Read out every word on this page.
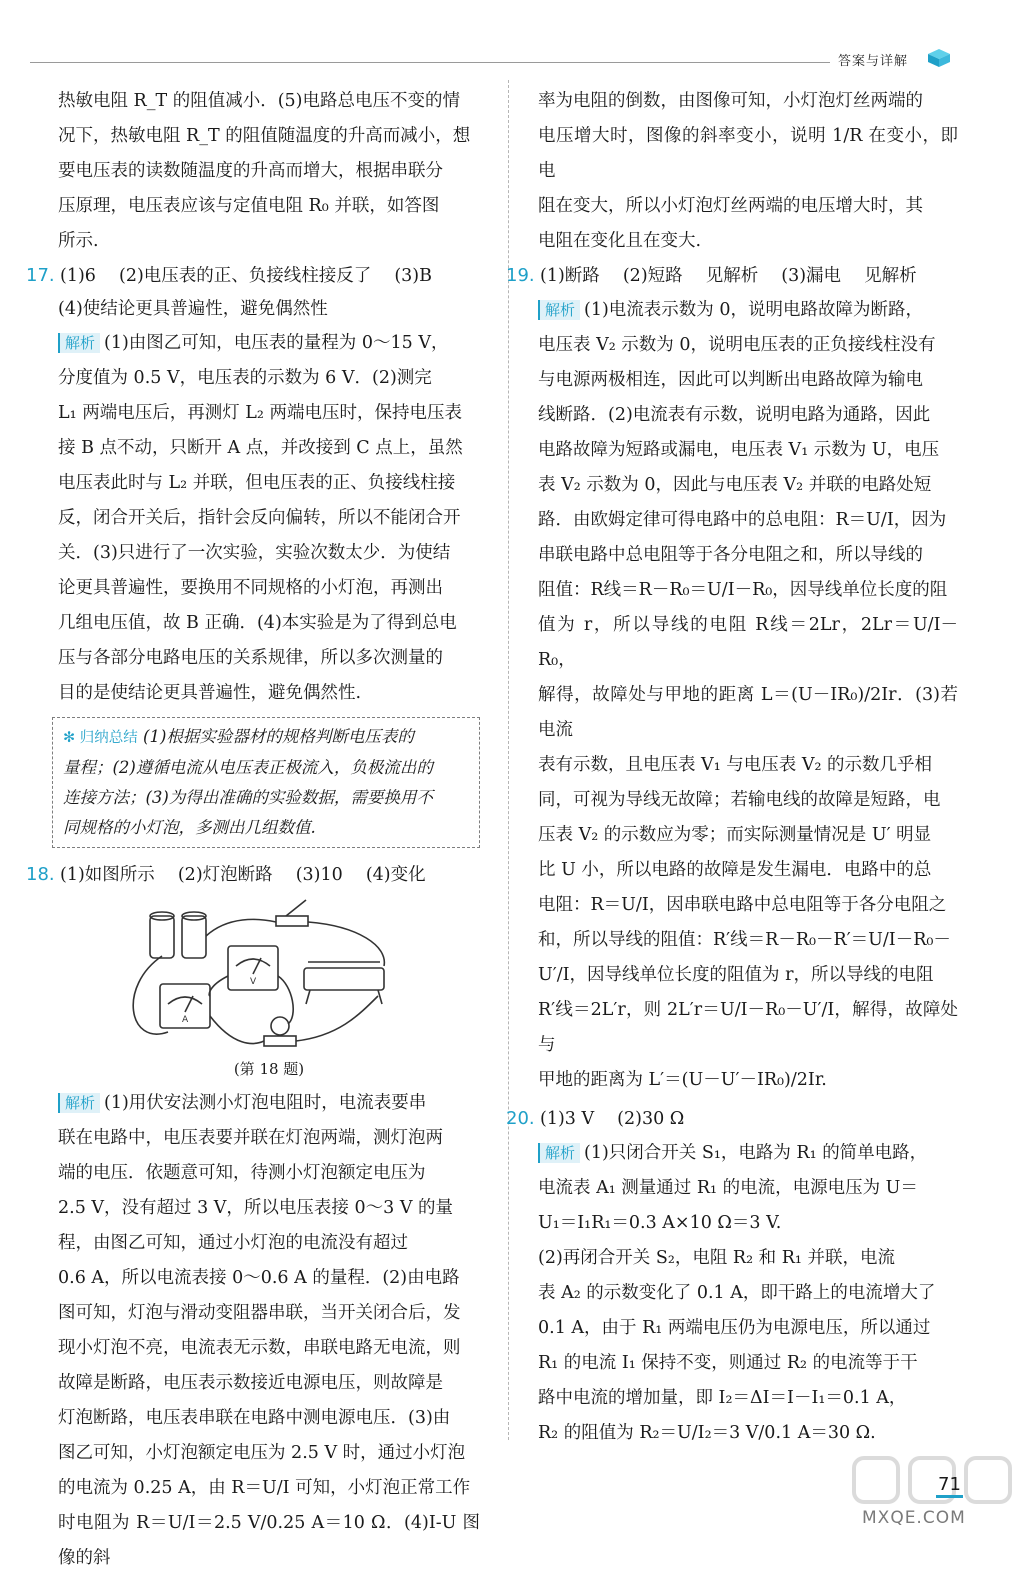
答案与详解

热敏电阻 R_T 的阻值减小．(5)电路总电压不变的情

况下，热敏电阻 R_T 的阻值随温度的升高而减小，想

要电压表的读数随温度的升高而增大，根据串联分

压原理，电压表应该与定值电阻 R₀ 并联，如答图

所示.

17. (1)6 　(2)电压表的正、负接线柱接反了 　(3)B

(4)使结论更具普遍性，避免偶然性

解析 (1)由图乙可知，电压表的量程为 0～15 V，

分度值为 0.5 V，电压表的示数为 6 V．(2)测完

L₁ 两端电压后，再测灯 L₂ 两端电压时，保持电压表

接 B 点不动，只断开 A 点，并改接到 C 点上，虽然

电压表此时与 L₂ 并联，但电压表的正、负接线柱接

反，闭合开关后，指针会反向偏转，所以不能闭合开

关．(3)只进行了一次实验，实验次数太少．为使结

论更具普遍性，要换用不同规格的小灯泡，再测出

几组电压值，故 B 正确．(4)本实验是为了得到总电

压与各部分电路电压的关系规律，所以多次测量的

目的是使结论更具普遍性，避免偶然性.

✻ 归纳总结 (1)根据实验器材的规格判断电压表的

量程；(2)遵循电流从电压表正极流入，负极流出的

连接方法；(3)为得出准确的实验数据，需要换用不

同规格的小灯泡，多测出几组数值.

18. (1)如图所示 　(2)灯泡断路 　(3)10 　(4)变化

V
A
(第 18 题)

解析 (1)用伏安法测小灯泡电阻时，电流表要串

联在电路中，电压表要并联在灯泡两端，测灯泡两

端的电压．依题意可知，待测小灯泡额定电压为

2.5 V，没有超过 3 V，所以电压表接 0～3 V 的量

程，由图乙可知，通过小灯泡的电流没有超过

0.6 A，所以电流表接 0～0.6 A 的量程．(2)由电路

图可知，灯泡与滑动变阻器串联，当开关闭合后，发

现小灯泡不亮，电流表无示数，串联电路无电流，则

故障是断路，电压表示数接近电源电压，则故障是

灯泡断路，电压表串联在电路中测电源电压．(3)由

图乙可知，小灯泡额定电压为 2.5 V 时，通过小灯泡

的电流为 0.25 A，由 R＝U/I 可知，小灯泡正常工作

时电阻为 R＝U/I＝2.5 V/0.25 A＝10 Ω．(4)I-U 图像的斜

率为电阻的倒数，由图像可知，小灯泡灯丝两端的

电压增大时，图像的斜率变小，说明 1/R 在变小，即电

阻在变大，所以小灯泡灯丝两端的电压增大时，其

电阻在变化且在变大.

19. (1)断路 　(2)短路 　见解析 　(3)漏电 　见解析

解析 (1)电流表示数为 0，说明电路故障为断路，

电压表 V₂ 示数为 0，说明电压表的正负接线柱没有

与电源两极相连，因此可以判断出电路故障为输电

线断路．(2)电流表有示数，说明电路为通路，因此

电路故障为短路或漏电，电压表 V₁ 示数为 U，电压

表 V₂ 示数为 0，因此与电压表 V₂ 并联的电路处短

路．由欧姆定律可得电路中的总电阻：R＝U/I，因为

串联电路中总电阻等于各分电阻之和，所以导线的

阻值：R线＝R－R₀＝U/I－R₀，因导线单位长度的阻

值为 r，所以导线的电阻 R线＝2Lr，2Lr＝U/I－R₀，

解得，故障处与甲地的距离 L＝(U－IR₀)/2Ir．(3)若电流

表有示数，且电压表 V₁ 与电压表 V₂ 的示数几乎相

同，可视为导线无故障；若输电线的故障是短路，电

压表 V₂ 的示数应为零；而实际测量情况是 U′ 明显

比 U 小，所以电路的故障是发生漏电．电路中的总

电阻：R＝U/I，因串联电路中总电阻等于各分电阻之

和，所以导线的阻值：R′线＝R－R₀－R′＝U/I－R₀－

U′/I，因导线单位长度的阻值为 r，所以导线的电阻

R′线＝2L′r，则 2L′r＝U/I－R₀－U′/I，解得，故障处与

甲地的距离为 L′＝(U－U′－IR₀)/2Ir.

20. (1)3 V 　(2)30 Ω

解析 (1)只闭合开关 S₁，电路为 R₁ 的简单电路，

电流表 A₁ 测量通过 R₁ 的电流，电源电压为 U＝

U₁＝I₁R₁＝0.3 A×10 Ω＝3 V.

(2)再闭合开关 S₂，电阻 R₂ 和 R₁ 并联，电流

表 A₂ 的示数变化了 0.1 A，即干路上的电流增大了

0.1 A，由于 R₁ 两端电压仍为电源电压，所以通过

R₁ 的电流 I₁ 保持不变，则通过 R₂ 的电流等于干

路中电流的增加量，即 I₂＝ΔI＝I－I₁＝0.1 A，

R₂ 的阻值为 R₂＝U/I₂＝3 V/0.1 A＝30 Ω.

MXQE.COM
71
